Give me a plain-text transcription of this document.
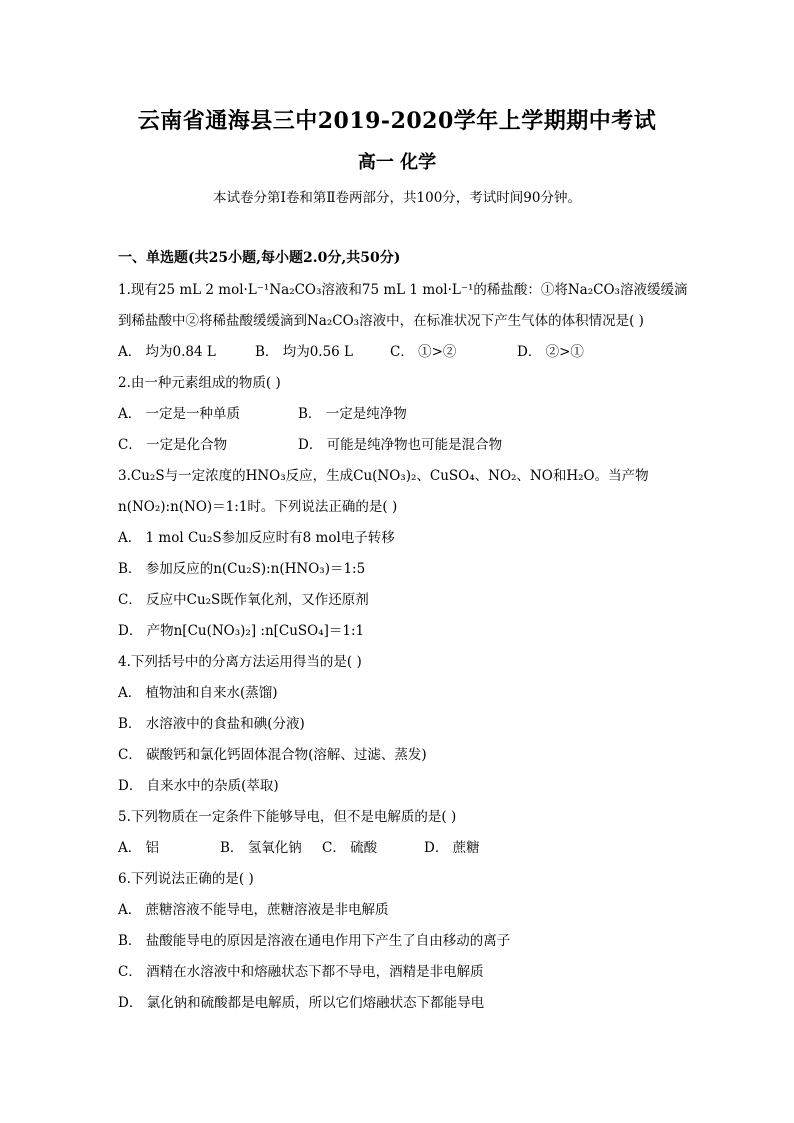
云南省通海县三中2019-2020学年上学期期中考试
高一 化学
本试卷分第Ⅰ卷和第Ⅱ卷两部分，共100分，考试时间90分钟。
一、单选题(共25小题,每小题2.0分,共50分)
1.现有25 mL 2 mol·L⁻¹Na₂CO₃溶液和75 mL 1 mol·L⁻¹的稀盐酸：①将Na₂CO₃溶液缓缓滴
到稀盐酸中②将稀盐酸缓缓滴到Na₂CO₃溶液中，在标准状况下产生气体的体积情况是( )
A． 均为0.84 L	B． 均为0.56 L	C． ①>②	D． ②>①
2.由一种元素组成的物质( )
A． 一定是一种单质	B． 一定是纯净物
C． 一定是化合物	D． 可能是纯净物也可能是混合物
3.Cu₂S与一定浓度的HNO₃反应，生成Cu(NO₃)₂、CuSO₄、NO₂、NO和H₂O。当产物
n(NO₂):n(NO)＝1:1时。下列说法正确的是( )
A． 1 mol Cu₂S参加反应时有8 mol电子转移
B． 参加反应的n(Cu₂S):n(HNO₃)＝1:5
C． 反应中Cu₂S既作氧化剂，又作还原剂
D． 产物n[Cu(NO₃)₂] :n[CuSO₄]＝1:1
4.下列括号中的分离方法运用得当的是( )
A． 植物油和自来水(蒸馏)
B． 水溶液中的食盐和碘(分液)
C． 碳酸钙和氯化钙固体混合物(溶解、过滤、蒸发)
D． 自来水中的杂质(萃取)
5.下列物质在一定条件下能够导电，但不是电解质的是( )
A． 铝	B． 氢氧化钠 C． 硫酸	D． 蔗糖
6.下列说法正确的是( )
A． 蔗糖溶液不能导电，蔗糖溶液是非电解质
B． 盐酸能导电的原因是溶液在通电作用下产生了自由移动的离子
C． 酒精在水溶液中和熔融状态下都不导电，酒精是非电解质
D． 氯化钠和硫酸都是电解质，所以它们熔融状态下都能导电
